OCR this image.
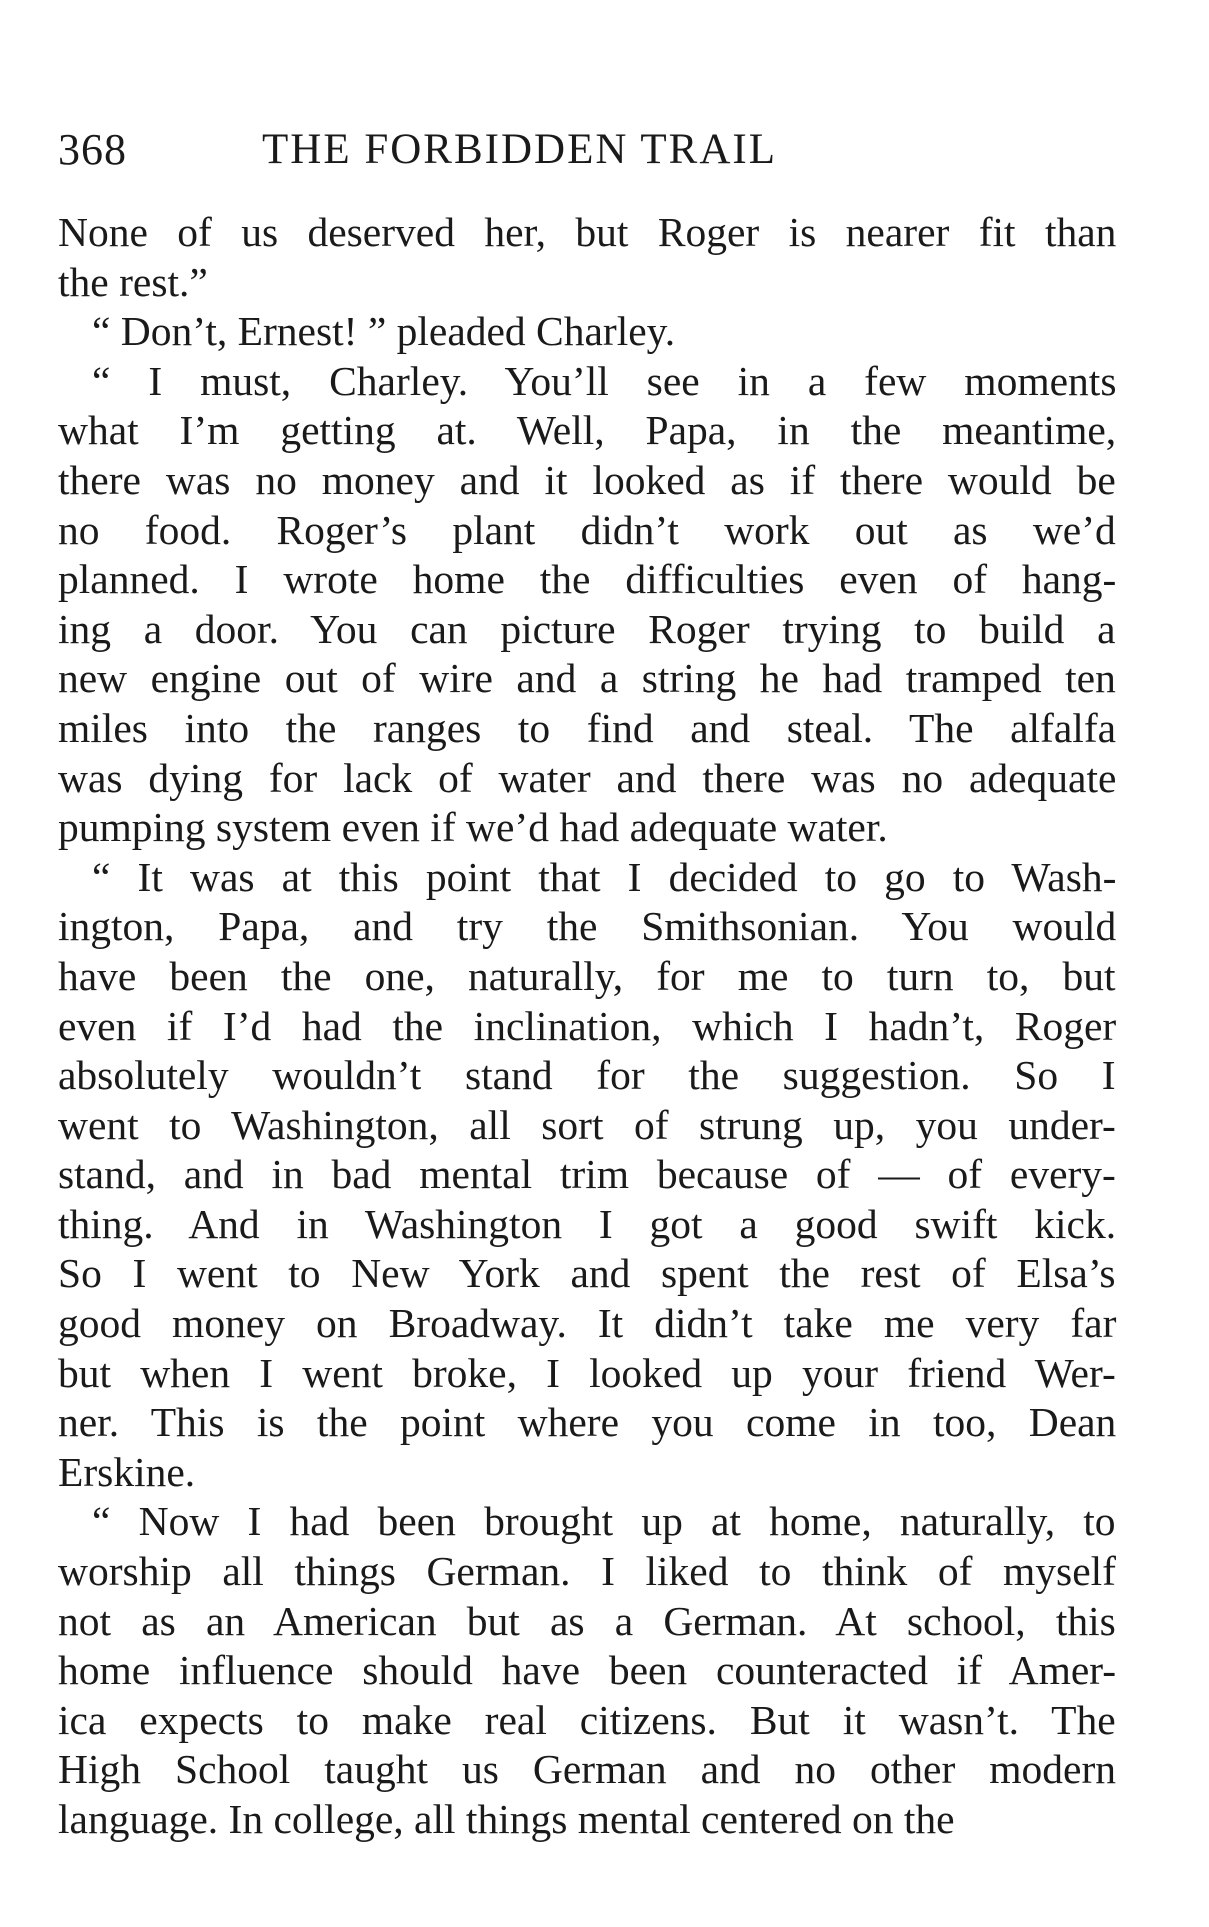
368	THE FORBIDDEN TRAIL
None of us deserved her, but Roger is nearer fit than
the rest.”
“ Don’t, Ernest! ” pleaded Charley.
“ I must, Charley. You’ll see in a few moments
what I’m getting at. Well, Papa, in the meantime,
there was no money and it looked as if there would be
no food. Roger’s plant didn’t work out as we’d
planned. I wrote home the difficulties even of hang-
ing a door. You can picture Roger trying to build a
new engine out of wire and a string he had tramped ten
miles into the ranges to find and steal. The alfalfa
was dying for lack of water and there was no adequate
pumping system even if we’d had adequate water.
“ It was at this point that I decided to go to Wash-
ington, Papa, and try the Smithsonian. You would
have been the one, naturally, for me to turn to, but
even if I’d had the inclination, which I hadn’t, Roger
absolutely wouldn’t stand for the suggestion. So I
went to Washington, all sort of strung up, you under-
stand, and in bad mental trim because of — of every-
thing. And in Washington I got a good swift kick.
So I went to New York and spent the rest of Elsa’s
good money on Broadway. It didn’t take me very far
but when I went broke, I looked up your friend Wer-
ner. This is the point where you come in too, Dean
Erskine.
“ Now I had been brought up at home, naturally, to
worship all things German. I liked to think of myself
not as an American but as a German. At school, this
home influence should have been counteracted if Amer-
ica expects to make real citizens. But it wasn’t. The
High School taught us German and no other modern
language. In college, all things mental centered on the
